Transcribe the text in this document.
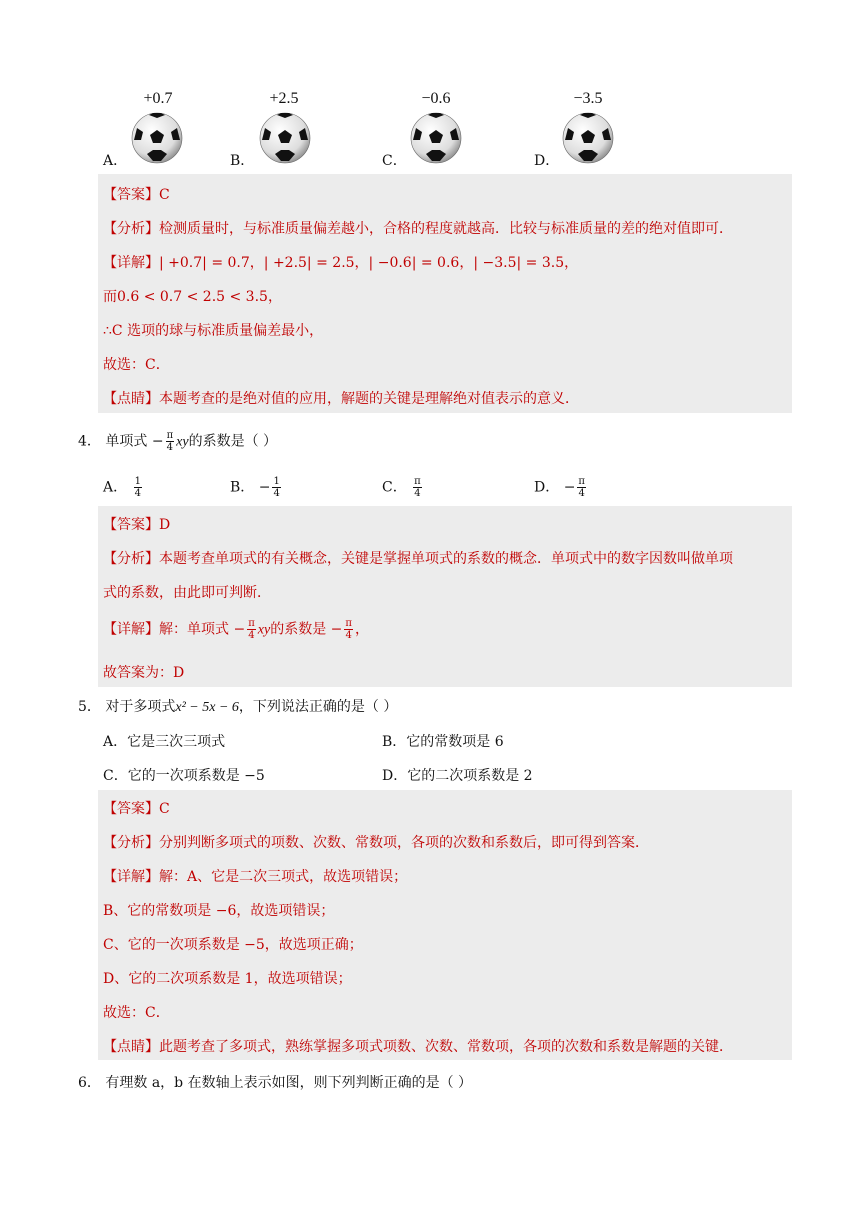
+0.7	+2.5	−0.6	−3.5
A．	B．	C．	D．
【答案】C
【分析】检测质量时，与标准质量偏差越小，合格的程度就越高．比较与标准质量的差的绝对值即可．
【详解】| +0.7| = 0.7，| +2.5| = 2.5，| −0.6| = 0.6，| −3.5| = 3.5，
而0.6 < 0.7 < 2.5 < 3.5，
∴C 选项的球与标准质量偏差最小，
故选：C．
【点睛】本题考查的是绝对值的应用，解题的关键是理解绝对值表示的意义．
4． 单项式 − $\frac{\pi}{4}$ xy的系数是（ ）
A． $\frac{1}{4}$	B． − $\frac{1}{4}$	C． $\frac{\pi}{4}$	D． − $\frac{\pi}{4}$
【答案】D
【分析】本题考查单项式的有关概念，关键是掌握单项式的系数的概念．单项式中的数字因数叫做单项
式的系数，由此即可判断．
【详解】解：单项式 − $\frac{\pi}{4}$ xy的系数是 − $\frac{\pi}{4}$ ，
故答案为：D
5． 对于多项式x² − 5x − 6，下列说法正确的是（ ）
A．它是三次三项式	B．它的常数项是 6
C．它的一次项系数是 −5	D．它的二次项系数是 2
【答案】C
【分析】分别判断多项式的项数、次数、常数项，各项的次数和系数后，即可得到答案．
【详解】解：A、它是二次三项式，故选项错误；
B、它的常数项是 −6，故选项错误；
C、它的一次项系数是 −5，故选项正确；
D、它的二次项系数是 1，故选项错误；
故选：C．
【点睛】此题考查了多项式，熟练掌握多项式项数、次数、常数项，各项的次数和系数是解题的关键．
6． 有理数 a，b 在数轴上表示如图，则下列判断正确的是（ ）
